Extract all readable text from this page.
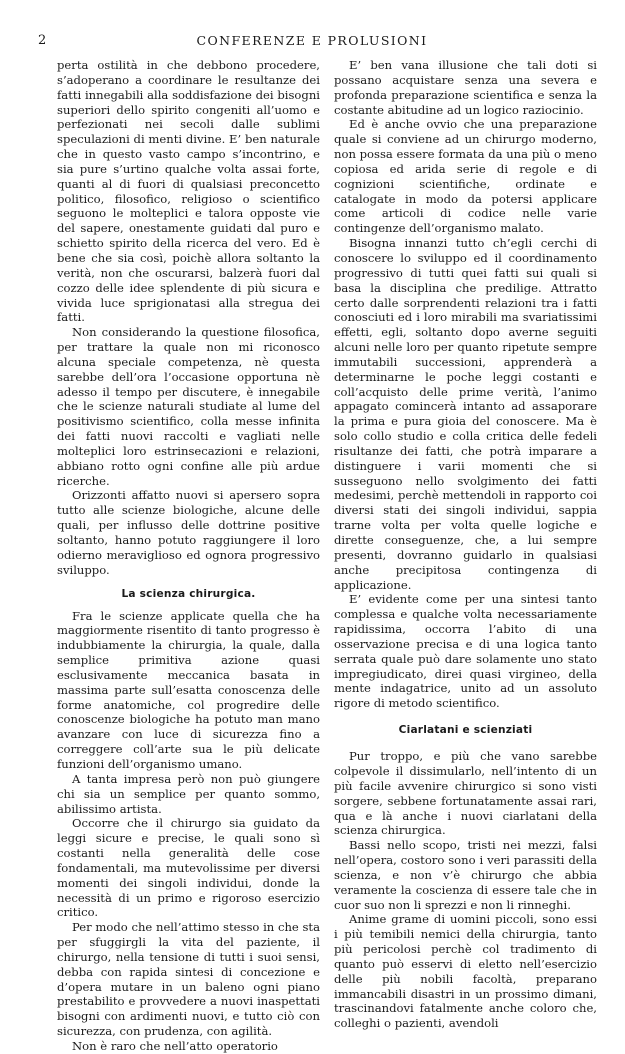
2	CONFERENZE E PROLUSIONI

perta ostilità in che debbono procedere, s’adoperano a coordinare le resultanze dei fatti innegabili alla soddisfazione dei bisogni superiori dello spirito congeniti all’uomo e perfezionati nei secoli dalle sublimi speculazioni di menti divine. E’ ben naturale che in questo vasto campo s’incontrino, e sia pure s’urtino qualche volta assai forte, quanti al di fuori di qualsiasi preconcetto politico, filosofico, religioso o scientifico seguono le molteplici e talora opposte vie del sapere, onestamente guidati dal puro e schietto spirito della ricerca del vero. Ed è bene che sia così, poichè allora soltanto la verità, non che oscurarsi, balzerà fuori dal cozzo delle idee splendente di più sicura e vivida luce sprigionatasi alla stregua dei fatti.

Non considerando la questione filosofica, per trattare la quale non mi riconosco alcuna speciale competenza, nè questa sarebbe dell’ora l’occasione opportuna nè adesso il tempo per discutere, è innegabile che le scienze naturali studiate al lume del positivismo scientifico, colla messe infinita dei fatti nuovi raccolti e vagliati nelle molteplici loro estrinsecazioni e relazioni, abbiano rotto ogni confine alle più ardue ricerche.

Orizzonti affatto nuovi si apersero sopra tutto alle scienze biologiche, alcune delle quali, per influsso delle dottrine positive soltanto, hanno potuto raggiungere il loro odierno meraviglioso ed ognora progressivo sviluppo.

La scienza chirurgica.

Fra le scienze applicate quella che ha maggiormente risentito di tanto progresso è indubbiamente la chirurgia, la quale, dalla semplice primitiva azione quasi esclusivamente meccanica basata in massima parte sull’esatta conoscenza delle forme anatomiche, col progredire delle conoscenze biologiche ha potuto man mano avanzare con luce di sicurezza fino a correggere coll’arte sua le più delicate funzioni dell’organismo umano.

A tanta impresa però non può giungere chi sia un semplice per quanto sommo, abilissimo artista.

Occorre che il chirurgo sia guidato da leggi sicure e precise, le quali sono sì costanti nella generalità delle cose fondamentali, ma mutevolissime per diversi momenti dei singoli individui, donde la necessità di un primo e rigoroso esercizio critico.

Per modo che nell’attimo stesso in che sta per sfuggirgli la vita del paziente, il chirurgo, nella tensione di tutti i suoi sensi, debba con rapida sintesi di concezione e d’opera mutare in un baleno ogni piano prestabilito e provvedere a nuovi inaspettati bisogni con ardimenti nuovi, e tutto ciò con sicurezza, con prudenza, con agilità.

Non è raro che nell’atto operatorio

E’ ben vana illusione che tali doti si possano acquistare senza una severa e profonda preparazione scientifica e senza la costante abitudine ad un logico raziocinio.

Ed è anche ovvio che una preparazione quale si conviene ad un chirurgo moderno, non possa essere formata da una più o meno copiosa ed arida serie di regole e di cognizioni scientifiche, ordinate e catalogate in modo da potersi applicare come articoli di codice nelle varie contingenze dell’organismo malato.

Bisogna innanzi tutto ch’egli cerchi di conoscere lo sviluppo ed il coordinamento progressivo di tutti quei fatti sui quali si basa la disciplina che predilige. Attratto certo dalle sorprendenti relazioni tra i fatti conosciuti ed i loro mirabili ma svariatissimi effetti, egli, soltanto dopo averne seguiti alcuni nelle loro per quanto ripetute sempre immutabili successioni, apprenderà a determinarne le poche leggi costanti e coll’acquisto delle prime verità, l’animo appagato comincerà intanto ad assaporare la prima e pura gioia del conoscere. Ma è solo collo studio e colla critica delle fedeli risultanze dei fatti, che potrà imparare a distinguere i varii momenti che si susseguono nello svolgimento dei fatti medesimi, perchè mettendoli in rapporto coi diversi stati dei singoli individui, sappia trarne volta per volta quelle logiche e dirette conseguenze, che, a lui sempre presenti, dovranno guidarlo in qualsiasi anche precipitosa contingenza di applicazione.

E’ evidente come per una sintesi tanto complessa e qualche volta necessariamente rapidissima, occorra l’abito di una osservazione precisa e di una logica tanto serrata quale può dare solamente uno stato impregiudicato, direi quasi virgineo, della mente indagatrice, unito ad un assoluto rigore di metodo scientifico.

Ciarlatani e scienziati

Pur troppo, e più che vano sarebbe colpevole il dissimularlo, nell’intento di un più facile avvenire chirurgico si sono visti sorgere, sebbene fortunatamente assai rari, qua e là anche i nuovi ciarlatani della scienza chirurgica.

Bassi nello scopo, tristi nei mezzi, falsi nell’opera, costoro sono i veri parassiti della scienza, e non v’è chirurgo che abbia veramente la coscienza di essere tale che in cuor suo non li sprezzi e non li rinneghi.

Anime grame di uomini piccoli, sono essi i più temibili nemici della chirurgia, tanto più pericolosi perchè col tradimento di quanto può esservi di eletto nell’esercizio delle più nobili facoltà, preparano immancabili disastri in un prossimo dimani, trascinandovi fatalmente anche coloro che, colleghi o pazienti, avendoli
